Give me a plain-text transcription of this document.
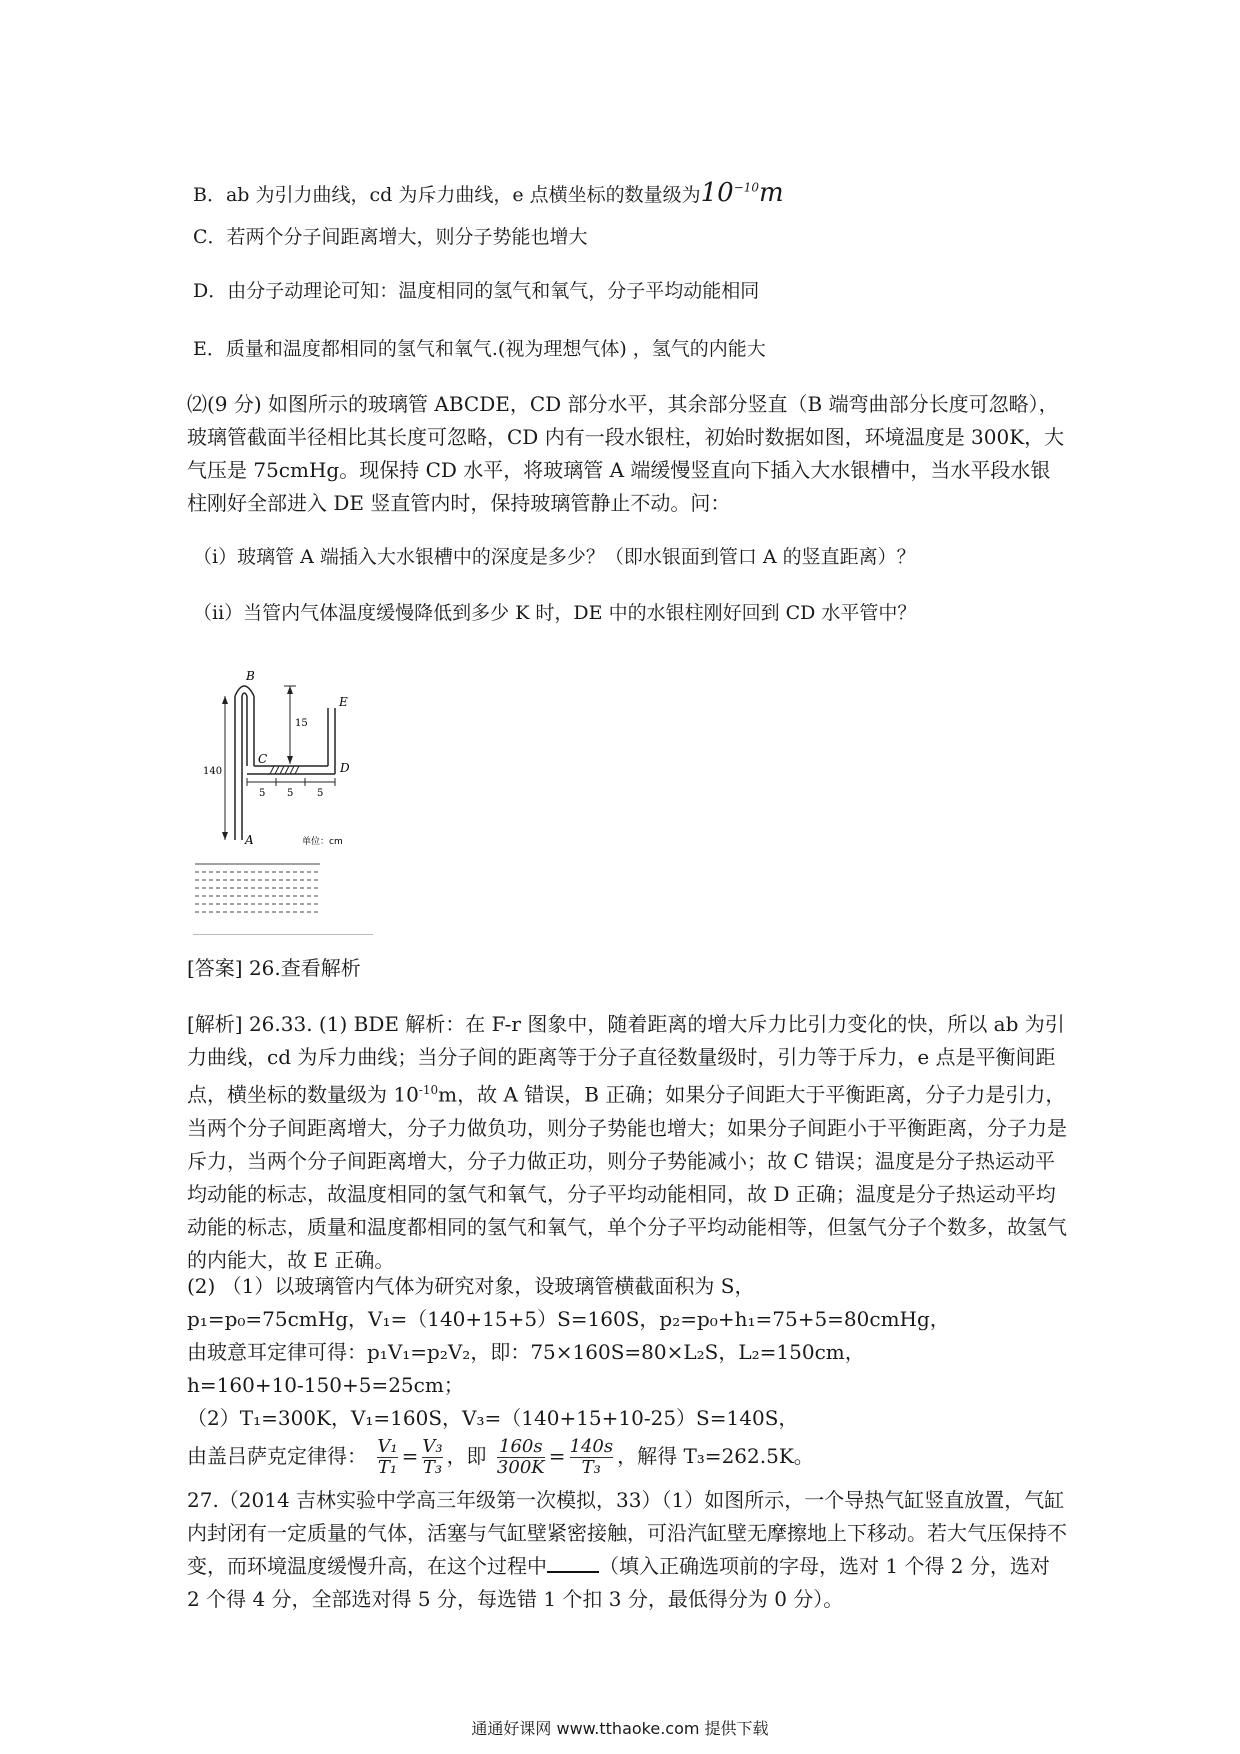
B．ab 为引力曲线，cd 为斥力曲线，e 点横坐标的数量级为$10^{-10}m$
C．若两个分子间距离增大，则分子势能也增大
D．由分子动理论可知：温度相同的氢气和氧气，分子平均动能相同
E．质量和温度都相同的氢气和氧气.(视为理想气体) ，氢气的内能大

⑵(9 分) 如图所示的玻璃管 ABCDE，CD 部分水平，其余部分竖直（B 端弯曲部分长度可忽略），玻璃管截面半径相比其长度可忽略，CD 内有一段水银柱，初始时数据如图，环境温度是 300K，大气压是 75cmHg。现保持 CD 水平，将玻璃管 A 端缓慢竖直向下插入大水银槽中，当水平段水银柱刚好全部进入 DE 竖直管内时，保持玻璃管静止不动。问：

（i）玻璃管 A 端插入大水银槽中的深度是多少？（即水银面到管口 A 的竖直距离）？
（ii）当管内气体温度缓慢降低到多少 K 时，DE 中的水银柱刚好回到 CD 水平管中？
B
E
C
D
A
15
140
5 5 5
单位：cm
[答案] 26.查看解析

[解析] 26.33. (1) BDE 解析：在 F-r 图象中，随着距离的增大斥力比引力变化的快，所以 ab 为引力曲线，cd 为斥力曲线；当分子间的距离等于分子直径数量级时，引力等于斥力，e 点是平衡间距点，横坐标的数量级为 $10^{-10}m$，故 A 错误，B 正确；如果分子间距大于平衡距离，分子力是引力，当两个分子间距离增大，分子力做负功，则分子势能也增大；如果分子间距小于平衡距离，分子力是斥力，当两个分子间距离增大，分子力做正功，则分子势能减小；故 C 错误；温度是分子热运动平均动能的标志，故温度相同的氢气和氧气，分子平均动能相同，故 D 正确；温度是分子热运动平均动能的标志，质量和温度都相同的氢气和氧气，单个分子平均动能相等，但氢气分子个数多，故氢气的内能大，故 E 正确。

(2) （1）以玻璃管内气体为研究对象，设玻璃管横截面积为 S，

p₁=p₀=75cmHg，V₁=（140+15+5）S=160S，p₂=p₀+h₁=75+5=80cmHg，

由玻意耳定律可得：p₁V₁=p₂V₂，即：75×160S=80×L₂S，L₂=150cm，

h=160+10-150+5=25cm；

（2）T₁=300K，V₁=160S，V₃=（140+15+10-25）S=140S，

由盖吕萨克定律得： $\frac{\text{V₁}}{\text{T₁}} = \frac{\text{V₃}}{\text{T₃}}$ ，即 $\frac{160s}{300K} = \frac{140s}{\text{T₃}}$ ，解得 T₃=262.5K。

27.（2014 吉林实验中学高三年级第一次模拟，33）（1）如图所示，一个导热气缸竖直放置，气缸内封闭有一定质量的气体，活塞与气缸壁紧密接触，可沿汽缸壁无摩擦地上下移动。若大气压保持不变，而环境温度缓慢升高，在这个过程中	（填入正确选项前的字母，选对 1 个得 2 分，选对 2 个得 4 分，全部选对得 5 分，每选错 1 个扣 3 分，最低得分为 0 分）。

通通好课网 www.tthaoke.com 提供下载
